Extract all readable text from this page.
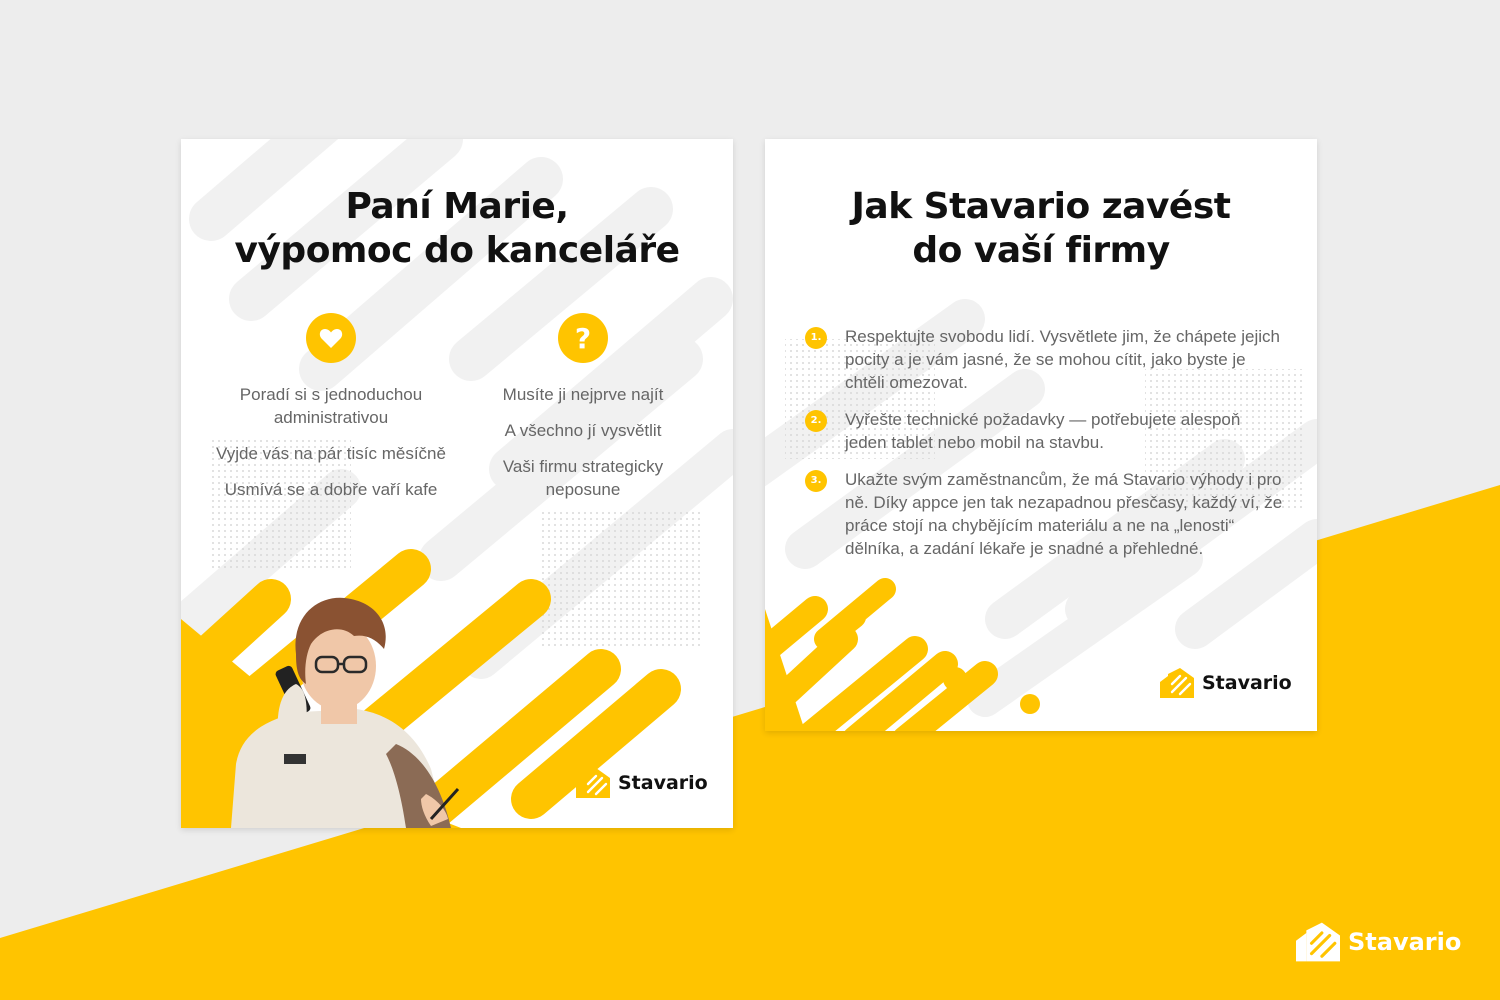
Paní Marie,
výpomoc do kanceláře
?

Poradí si s jednoduchou administrativou

Vyjde vás na pár tisíc měsíčně

Usmívá se a dobře vaří kafe

Musíte ji nejprve najít

A všechno jí vysvětlit

Vaši firmu strategicky neposune

Stavario
Jak Stavario zavést
do vaší firmy
1.	Respektujte svobodu lidí. Vysvětlete jim, že chápete jejich pocity a je vám jasné, že se mohou cítit, jako byste je chtěli omezovat.
2.	Vyřešte technické požadavky — potřebujete alespoň jeden tablet nebo mobil na stavbu.
3.	Ukažte svým zaměstnancům, že má Stavario výhody i pro ně. Díky appce jen tak nezapadnou přesčasy, každý ví, že práce stojí na chybějícím materiálu a ne na „lenosti“ dělníka, a zadání lékaře je snadné a přehledné.
Stavario
Stavario
